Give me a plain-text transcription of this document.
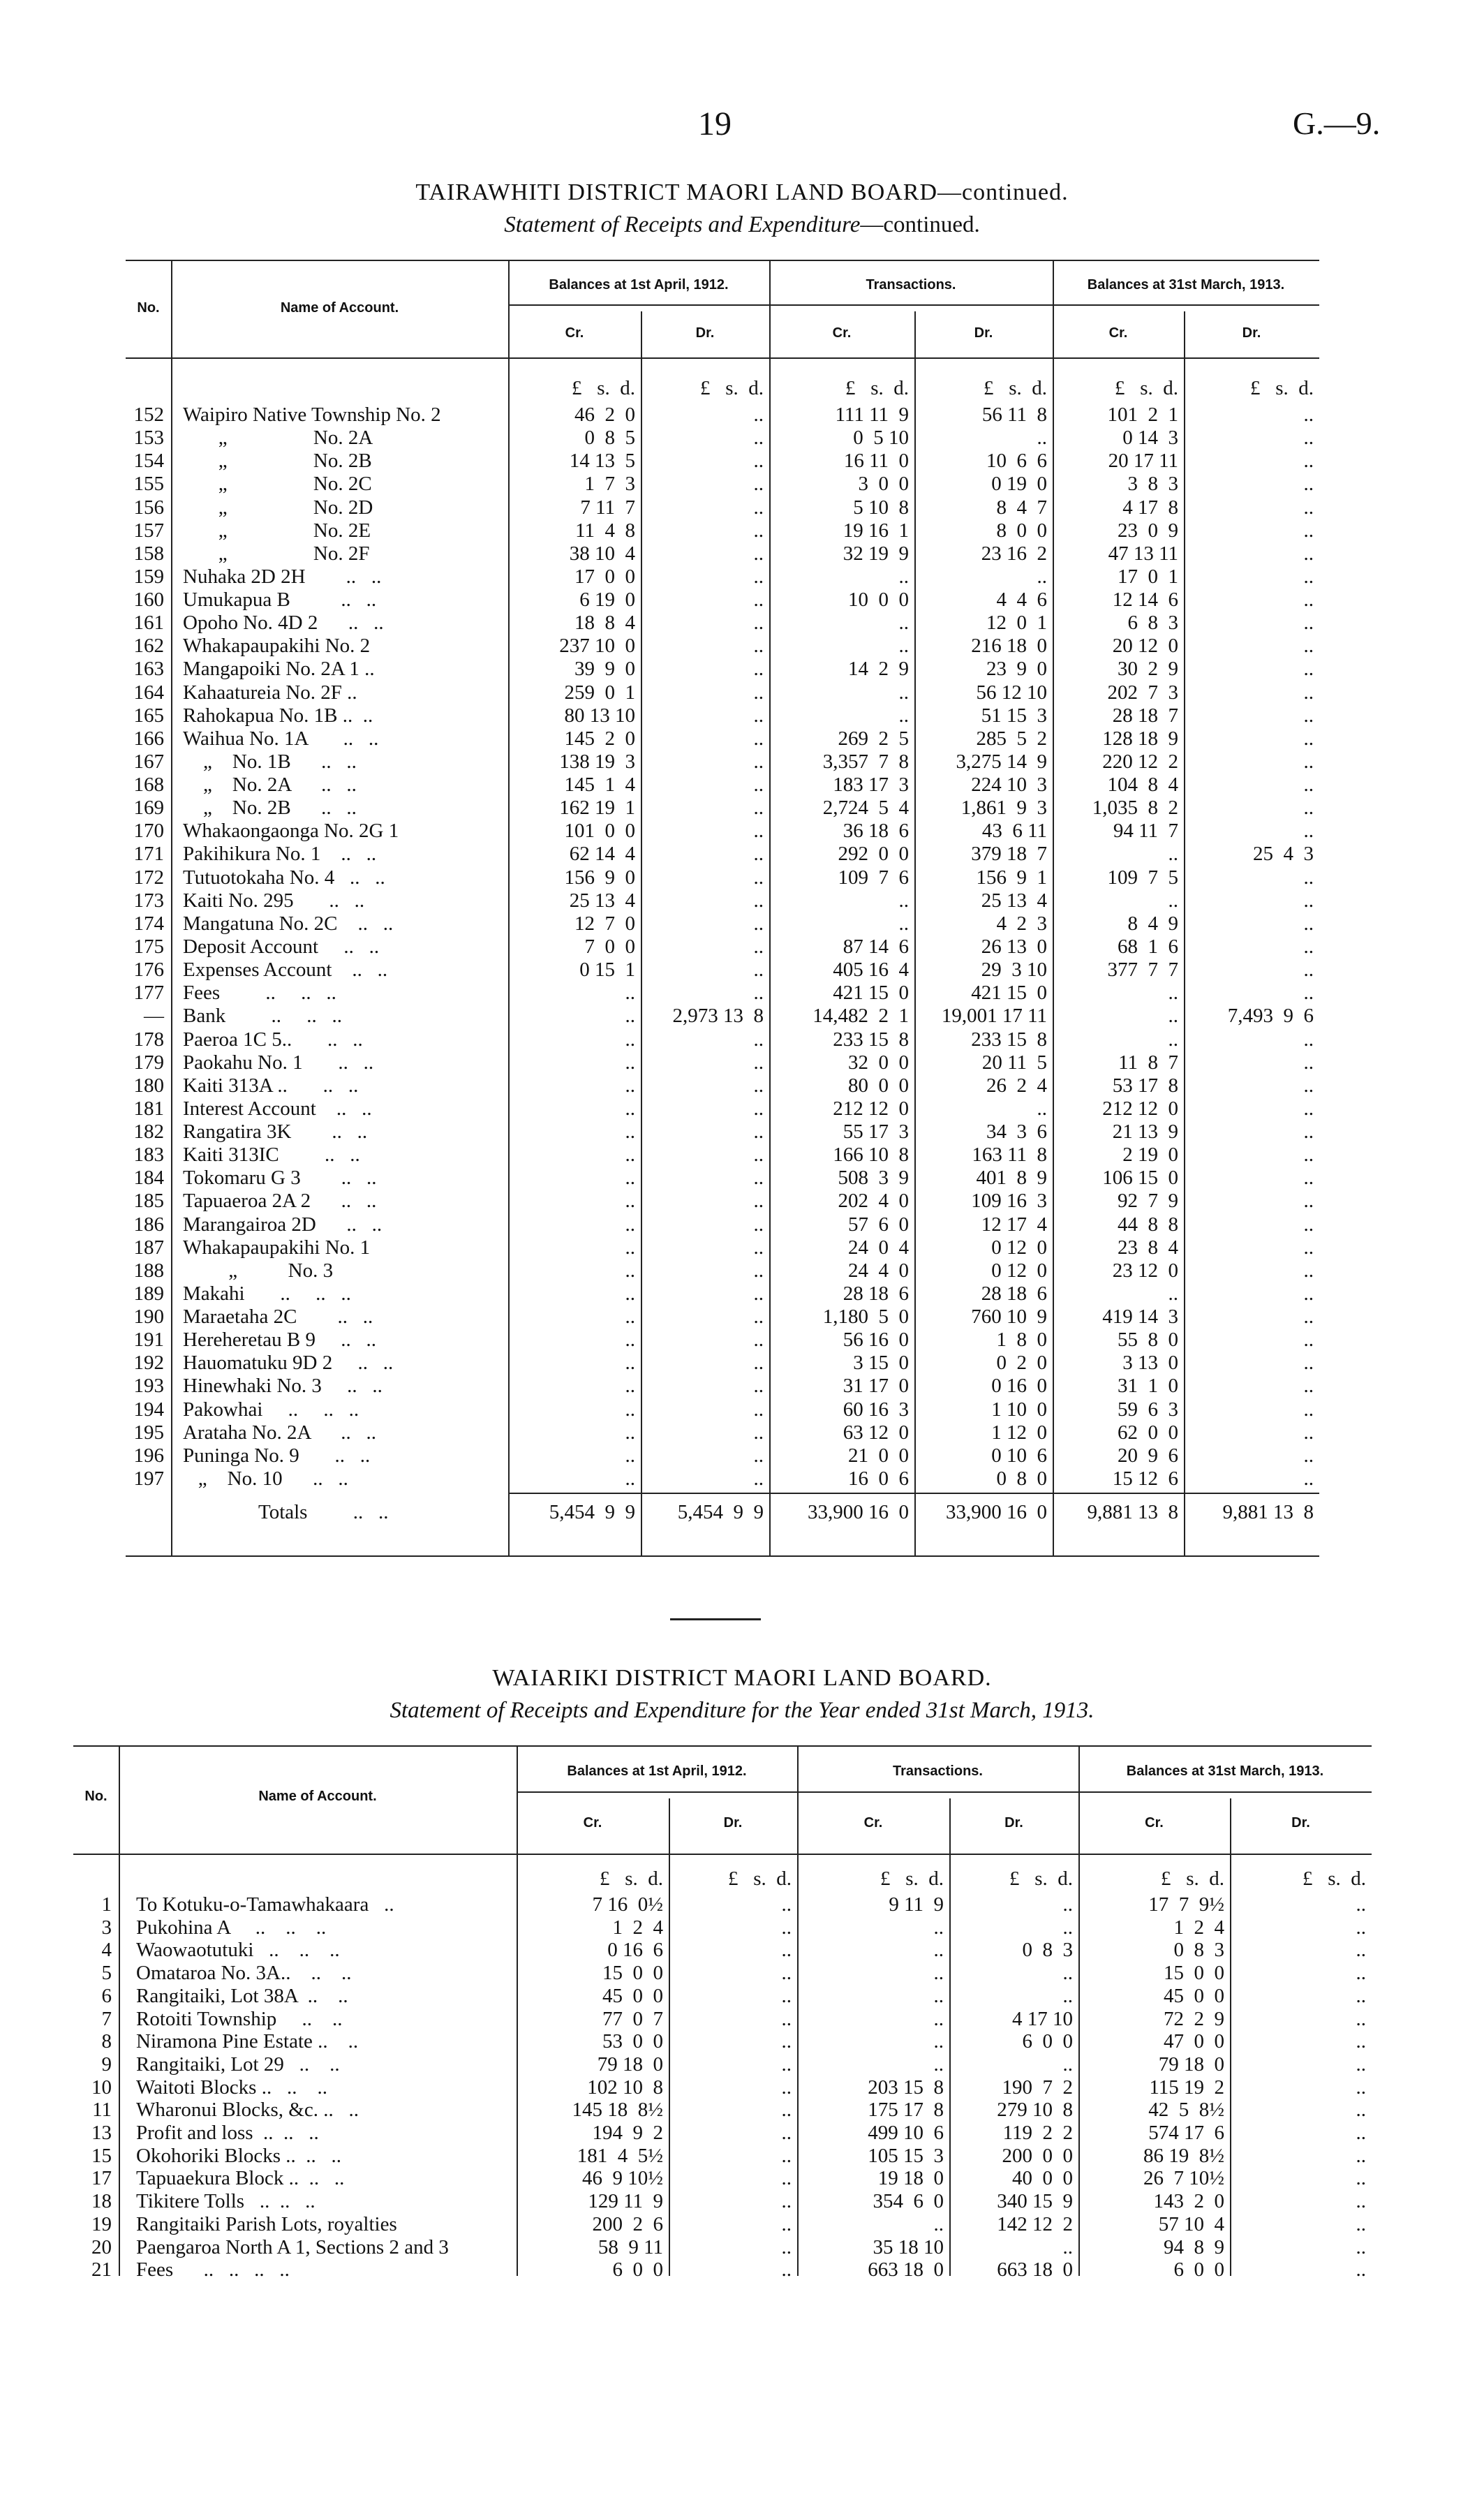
19	G.—9.
TAIRAWHITI DISTRICT MAORI LAND BOARD—continued.
Statement of Receipts and Expenditure—continued.
No.	Name of Account.
Balances at 1st April, 1912.	Transactions.	Balances at 31st March, 1913.
Cr.	Dr.	Cr.	Dr.	Cr.	Dr.
£   s.  d.	£   s.  d.	£   s.  d.	£   s.  d.	£   s.  d.	£   s.  d.
152 Waipiro Native Township No. 2	46  2  0	..	111 11  9	56 11  8	101  2  1	..
153 „                 No. 2A	0  8  5	..	0  5 10	..	0 14  3	..
154 „                 No. 2B	14 13  5	..	16 11  0	10  6  6	20 17 11	..
155 „                 No. 2C	1  7  3	..	3  0  0	0 19  0	3  8  3	..
156 „                 No. 2D	7 11  7	..	5 10  8	8  4  7	4 17  8	..
157 „                 No. 2E	11  4  8	..	19 16  1	8  0  0	23  0  9	..
158 „                 No. 2F	38 10  4	..	32 19  9	23 16  2	47 13 11	..
159 Nuhaka 2D 2H        ..   ..	17  0  0	..	..	..	17  0  1	..
160 Umukapua B          ..   ..	6 19  0	..	10  0  0	4  4  6	12 14  6	..
161 Opoho No. 4D 2      ..   ..	18  8  4	..	..	12  0  1	6  8  3	..
162 Whakapaupakihi No. 2	237 10  0	..	..	216 18  0	20 12  0	..
163 Mangapoiki No. 2A 1 ..	39  9  0	..	14  2  9	23  9  0	30  2  9	..
164 Kahaatureia No. 2F ..	259  0  1	..	..	56 12 10	202  7  3	..
165 Rahokapua No. 1B ..  ..	80 13 10	..	..	51 15  3	28 18  7	..
166 Waihua No. 1A       ..   ..	145  2  0	..	269  2  5	285  5  2	128 18  9	..
167 „    No. 1B      ..   ..	138 19  3	..	3,357  7  8	3,275 14  9	220 12  2	..
168 „    No. 2A      ..   ..	145  1  4	..	183 17  3	224 10  3	104  8  4	..
169 „    No. 2B      ..   ..	162 19  1	..	2,724  5  4	1,861  9  3	1,035  8  2	..
170 Whakaongaonga No. 2G 1	101  0  0	..	36 18  6	43  6 11	94 11  7	..
171 Pakihikura No. 1    ..   ..	62 14  4	..	292  0  0	379 18  7	..	25  4  3
172 Tutuotokaha No. 4   ..   ..	156  9  0	..	109  7  6	156  9  1	109  7  5	..
173 Kaiti No. 295       ..   ..	25 13  4	..	..	25 13  4	..	..
174 Mangatuna No. 2C    ..   ..	12  7  0	..	..	4  2  3	8  4  9	..
175 Deposit Account     ..   ..	7  0  0	..	87 14  6	26 13  0	68  1  6	..
176 Expenses Account    ..   ..	0 15  1	..	405 16  4	29  3 10	377  7  7	..
177 Fees         ..     ..   ..	..	..	421 15  0	421 15  0	..	..
— Bank         ..     ..   ..	..	2,973 13  8	14,482  2  1	19,001 17 11	..	7,493  9  6
178 Paeroa 1C 5..       ..   ..	..	..	233 15  8	233 15  8	..	..
179 Paokahu No. 1       ..   ..	..	..	32  0  0	20 11  5	11  8  7	..
180 Kaiti 313A ..       ..   ..	..	..	80  0  0	26  2  4	53 17  8	..
181 Interest Account    ..   ..	..	..	212 12  0	..	212 12  0	..
182 Rangatira 3K        ..   ..	..	..	55 17  3	34  3  6	21 13  9	..
183 Kaiti 313IC         ..   ..	..	..	166 10  8	163 11  8	2 19  0	..
184 Tokomaru G 3        ..   ..	..	..	508  3  9	401  8  9	106 15  0	..
185 Tapuaeroa 2A 2      ..   ..	..	..	202  4  0	109 16  3	92  7  9	..
186 Marangairoa 2D      ..   ..	..	..	57  6  0	12 17  4	44  8  8	..
187 Whakapaupakihi No. 1	..	..	24  0  4	0 12  0	23  8  4	..
188 „          No. 3	..	..	24  4  0	0 12  0	23 12  0	..
189 Makahi       ..     ..   ..	..	..	28 18  6	28 18  6	..	..
190 Maraetaha 2C        ..   ..	..	..	1,180  5  0	760 10  9	419 14  3	..
191 Hereheretau B 9     ..   ..	..	..	56 16  0	1  8  0	55  8  0	..
192 Hauomatuku 9D 2     ..   ..	..	..	3 15  0	0  2  0	3 13  0	..
193 Hinewhaki No. 3     ..   ..	..	..	31 17  0	0 16  0	31  1  0	..
194 Pakowhai     ..     ..   ..	..	..	60 16  3	1 10  0	59  6  3	..
195 Arataha No. 2A      ..   ..	..	..	63 12  0	1 12  0	62  0  0	..
196 Puninga No. 9       ..   ..	..	..	21  0  0	0 10  6	20  9  6	..
197 „    No. 10      ..   ..	..	..	16  0  6	0  8  0	15 12  6	..
Totals         ..   ..	5,454  9  9	5,454  9  9	33,900 16  0	33,900 16  0	9,881 13  8	9,881 13  8
WAIARIKI DISTRICT MAORI LAND BOARD.
Statement of Receipts and Expenditure for the Year ended 31st March, 1913.
No.	Name of Account.
Balances at 1st April, 1912.	Transactions.	Balances at 31st March, 1913.
Cr.	Dr.	Cr.	Dr.	Cr.	Dr.
£   s.  d.	£   s.  d.	£   s.  d.	£   s.  d.	£   s.  d.	£   s.  d.
1 To Kotuku-o-Tamawhakaara   ..	7 16  0½	..	9 11  9	..	17  7  9½	..
3 Pukohina A     ..    ..    ..	1  2  4	..	..	..	1  2  4	..
4 Waowaotutuki   ..    ..    ..	0 16  6	..	..	0  8  3	0  8  3	..
5 Omataroa No. 3A..    ..    ..	15  0  0	..	..	..	15  0  0	..
6 Rangitaiki, Lot 38A  ..    ..	45  0  0	..	..	..	45  0  0	..
7 Rotoiti Township     ..    ..	77  0  7	..	..	4 17 10	72  2  9	..
8 Niramona Pine Estate ..    ..	53  0  0	..	..	6  0  0	47  0  0	..
9 Rangitaiki, Lot 29   ..    ..	79 18  0	..	..	..	79 18  0	..
10 Waitoti Blocks ..   ..    ..	102 10  8	..	203 15  8	190  7  2	115 19  2	..
11 Wharonui Blocks, &c. ..   ..	145 18  8½	..	175 17  8	279 10  8	42  5  8½	..
13 Profit and loss  ..  ..   ..	194  9  2	..	499 10  6	119  2  2	574 17  6	..
15 Okohoriki Blocks ..  ..   ..	181  4  5½	..	105 15  3	200  0  0	86 19  8½	..
17 Tapuaekura Block ..  ..   ..	46  9 10½	..	19 18  0	40  0  0	26  7 10½	..
18 Tikitere Tolls   ..  ..   ..	129 11  9	..	354  6  0	340 15  9	143  2  0	..
19 Rangitaiki Parish Lots, royalties	200  2  6	..	..	142 12  2	57 10  4	..
20 Paengaroa North A 1, Sections 2 and 3	58  9 11	..	35 18 10	..	94  8  9	..
21 Fees      ..   ..   ..   ..	6  0  0	..	663 18  0	663 18  0	6  0  0	..
